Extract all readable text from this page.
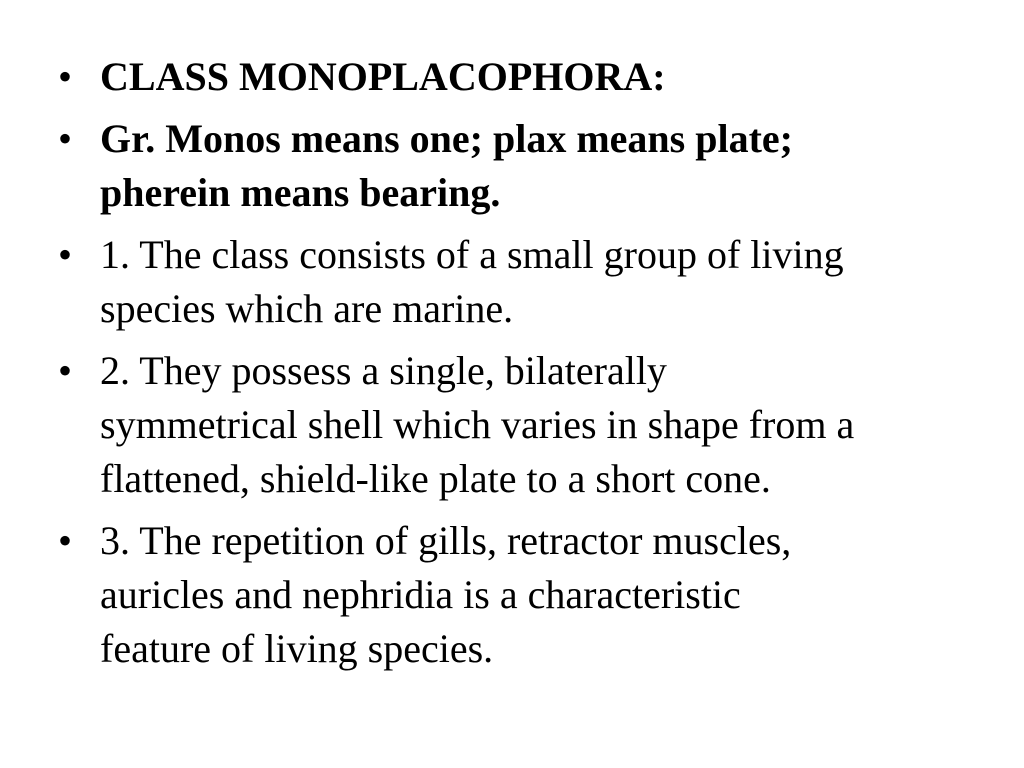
• CLASS MONOPLACOPHORA:
• Gr. Monos means one; plax means plate;
pherein means bearing.
• 1. The class consists of a small group of living
species which are marine.
• 2. They possess a single, bilaterally
symmetrical shell which varies in shape from a
flattened, shield-like plate to a short cone.
• 3. The repetition of gills, retractor muscles,
auricles and nephridia is a characteristic
feature of living species.
